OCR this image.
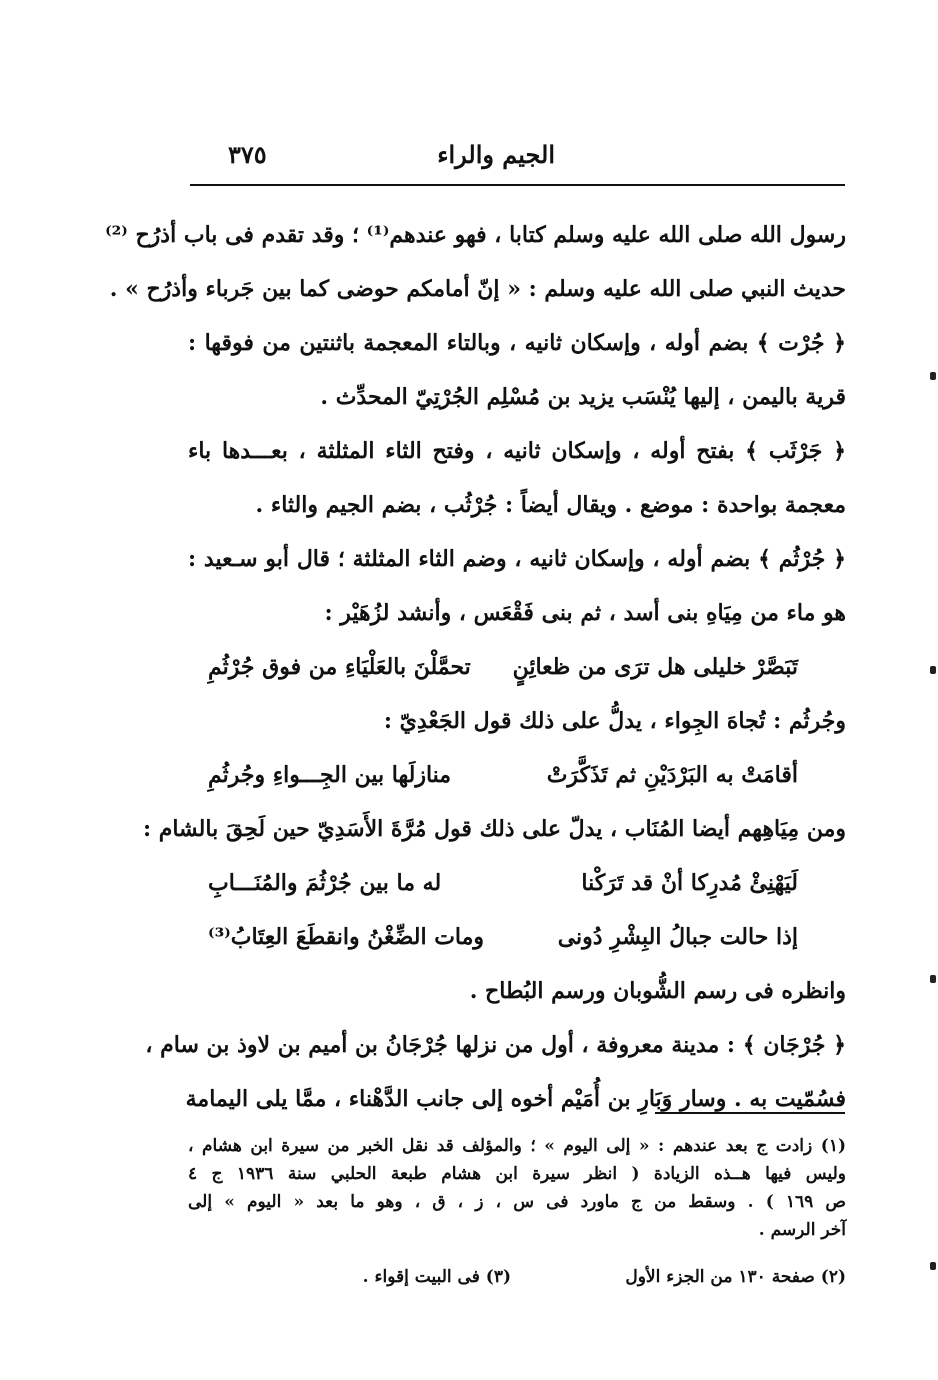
الجيم والراء
٣٧٥
رسول الله صلى الله عليه وسلم كتابا ، فهو عندهم⁽¹⁾ ؛ وقد تقدم فى باب أذرُح ⁽²⁾
حديث النبي صلى الله عليه وسلم : « إنّ أمامكم حوضى كما بين جَرباء وأذرُح » .
﴿ جُرْت ﴾ بضم أوله ، وإسكان ثانيه ، وبالتاء المعجمة باثنتين من فوقها :
قرية باليمن ، إليها يُنْسَب يزيد بن مُسْلِم الجُرْتِيّ المحدِّث .
﴿ جَرْثَب ﴾ بفتح أوله ، وإسكان ثانيه ، وفتح الثاء المثلثة ، بعـــدها باء
معجمة بواحدة : موضع . ويقال أيضاً : جُرْثُب ، بضم الجيم والثاء .
﴿ جُرْثُم ﴾ بضم أوله ، وإسكان ثانيه ، وضم الثاء المثلثة ؛ قال أبو سـعيد :
هو ماء من مِيَاهِ بنى أسد ، ثم بنى فَقْعَس ، وأنشد لزُهَيْر :
تَبَصَّرْ خليلى هل ترَى من ظعائِنٍ
تحمَّلْنَ بالعَلْيَاءِ من فوق جُرْثُمِ
وجُرثُم : تُجاهَ الجِواء ، يدلُّ على ذلك قول الجَعْدِيّ :
أقامَتْ به البَرْدَيْنِ ثم تَذَكَّرَتْ
منازلَها بين الجِـــواءِ وجُرثُمِ
ومن مِيَاهِهم أيضا المُنَاب ، يدلّ على ذلك قول مُرَّةَ الأَسَدِيّ حين لَحِقَ بالشام :
لَيَهْنِئْ مُدرِكا أنْ قد تَرَكْنا
له ما بين جُرْثُمَ والمُنَـــابِ
إذا حالت جبالُ البِشْرِ دُونى
ومات الضِّغْنُ وانقطَعَ العِتَابُ⁽³⁾
وانظره فى رسم الشُّوبان ورسم البُطاح .
﴿ جُرْجَان ﴾ : مدينة معروفة ، أول من نزلها جُرْجَانُ بن أميم بن لاوذ بن سام ،
فسُمّيت به . وسار وَبَارِ بن أُمَيْم أخوه إلى جانب الدَّهْناء ، ممَّا يلى اليمامة
(١) زادت ج بعد عندهم : « إلى اليوم » ؛ والمؤلف قد نقل الخبر من سيرة ابن هشام ،
وليس فيها هــذه الزيادة ( انظر سيرة ابن هشام طبعة الحلبي سنة ١٩٣٦ ج ٤
ص ١٦٩ ) . وسقط من ج ماورد فى س ، ز ، ق ، وهو ما بعد « اليوم » إلى
آخر الرسم .
(٢) صفحة ١٣٠ من الجزء الأول
(٣) فى البيت إقواء .
